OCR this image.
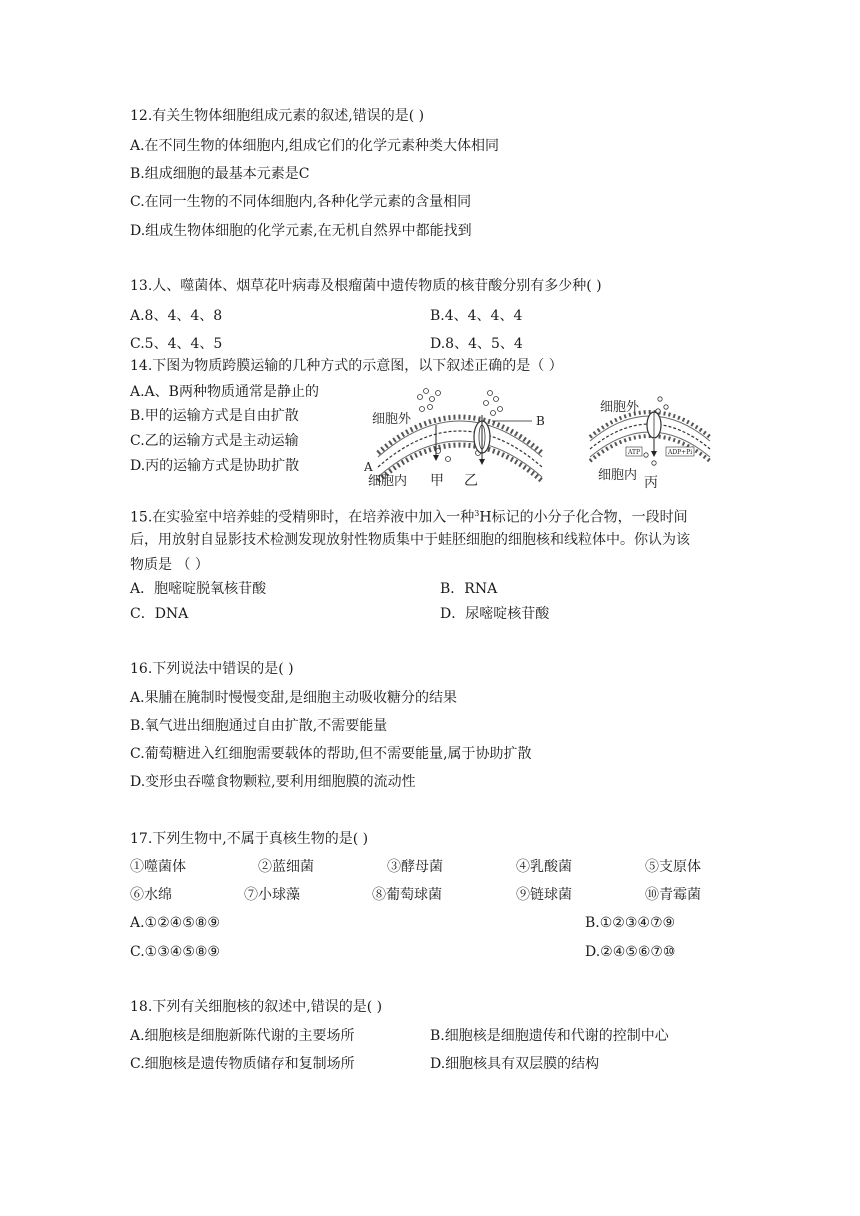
12.有关生物体细胞组成元素的叙述,错误的是( )
A.在不同生物的体细胞内,组成它们的化学元素种类大体相同
B.组成细胞的最基本元素是C
C.在同一生物的不同体细胞内,各种化学元素的含量相同
D.组成生物体细胞的化学元素,在无机自然界中都能找到
13.人、噬菌体、烟草花叶病毒及根瘤菌中遗传物质的核苷酸分别有多少种( )
A.8、4、4、8	B.4、4、4、4
C.5、4、4、5	D.8、4、5、4
14.下图为物质跨膜运输的几种方式的示意图，以下叙述正确的是（ ）
A.A、B两种物质通常是静止的
B.甲的运输方式是自由扩散
C.乙的运输方式是主动运输
D.丙的运输方式是协助扩散
细胞外	B
A
细胞内 甲 乙
ATP	ADP+Pi
细胞外
细胞内 丙
15.在实验室中培养蛙的受精卵时，在培养液中加入一种$^3$H标记的小分子化合物，一段时间
后，用放射自显影技术检测发现放射性物质集中于蛙胚细胞的细胞核和线粒体中。你认为该
物质是 （ ）
A．胞嘧啶脱氧核苷酸	B．RNA
C．DNA	D．尿嘧啶核苷酸
16.下列说法中错误的是( )
A.果脯在腌制时慢慢变甜,是细胞主动吸收糖分的结果
B.氧气进出细胞通过自由扩散,不需要能量
C.葡萄糖进入红细胞需要载体的帮助,但不需要能量,属于协助扩散
D.变形虫吞噬食物颗粒,要利用细胞膜的流动性
17.下列生物中,不属于真核生物的是( )
①噬菌体	②蓝细菌	③酵母菌	④乳酸菌	⑤支原体
⑥水绵	⑦小球藻	⑧葡萄球菌	⑨链球菌	⑩青霉菌
A.①②④⑤⑧⑨	B.①②③④⑦⑨
C.①③④⑤⑧⑨	D.②④⑤⑥⑦⑩
18.下列有关细胞核的叙述中,错误的是( )
A.细胞核是细胞新陈代谢的主要场所	B.细胞核是细胞遗传和代谢的控制中心
C.细胞核是遗传物质储存和复制场所	D.细胞核具有双层膜的结构
